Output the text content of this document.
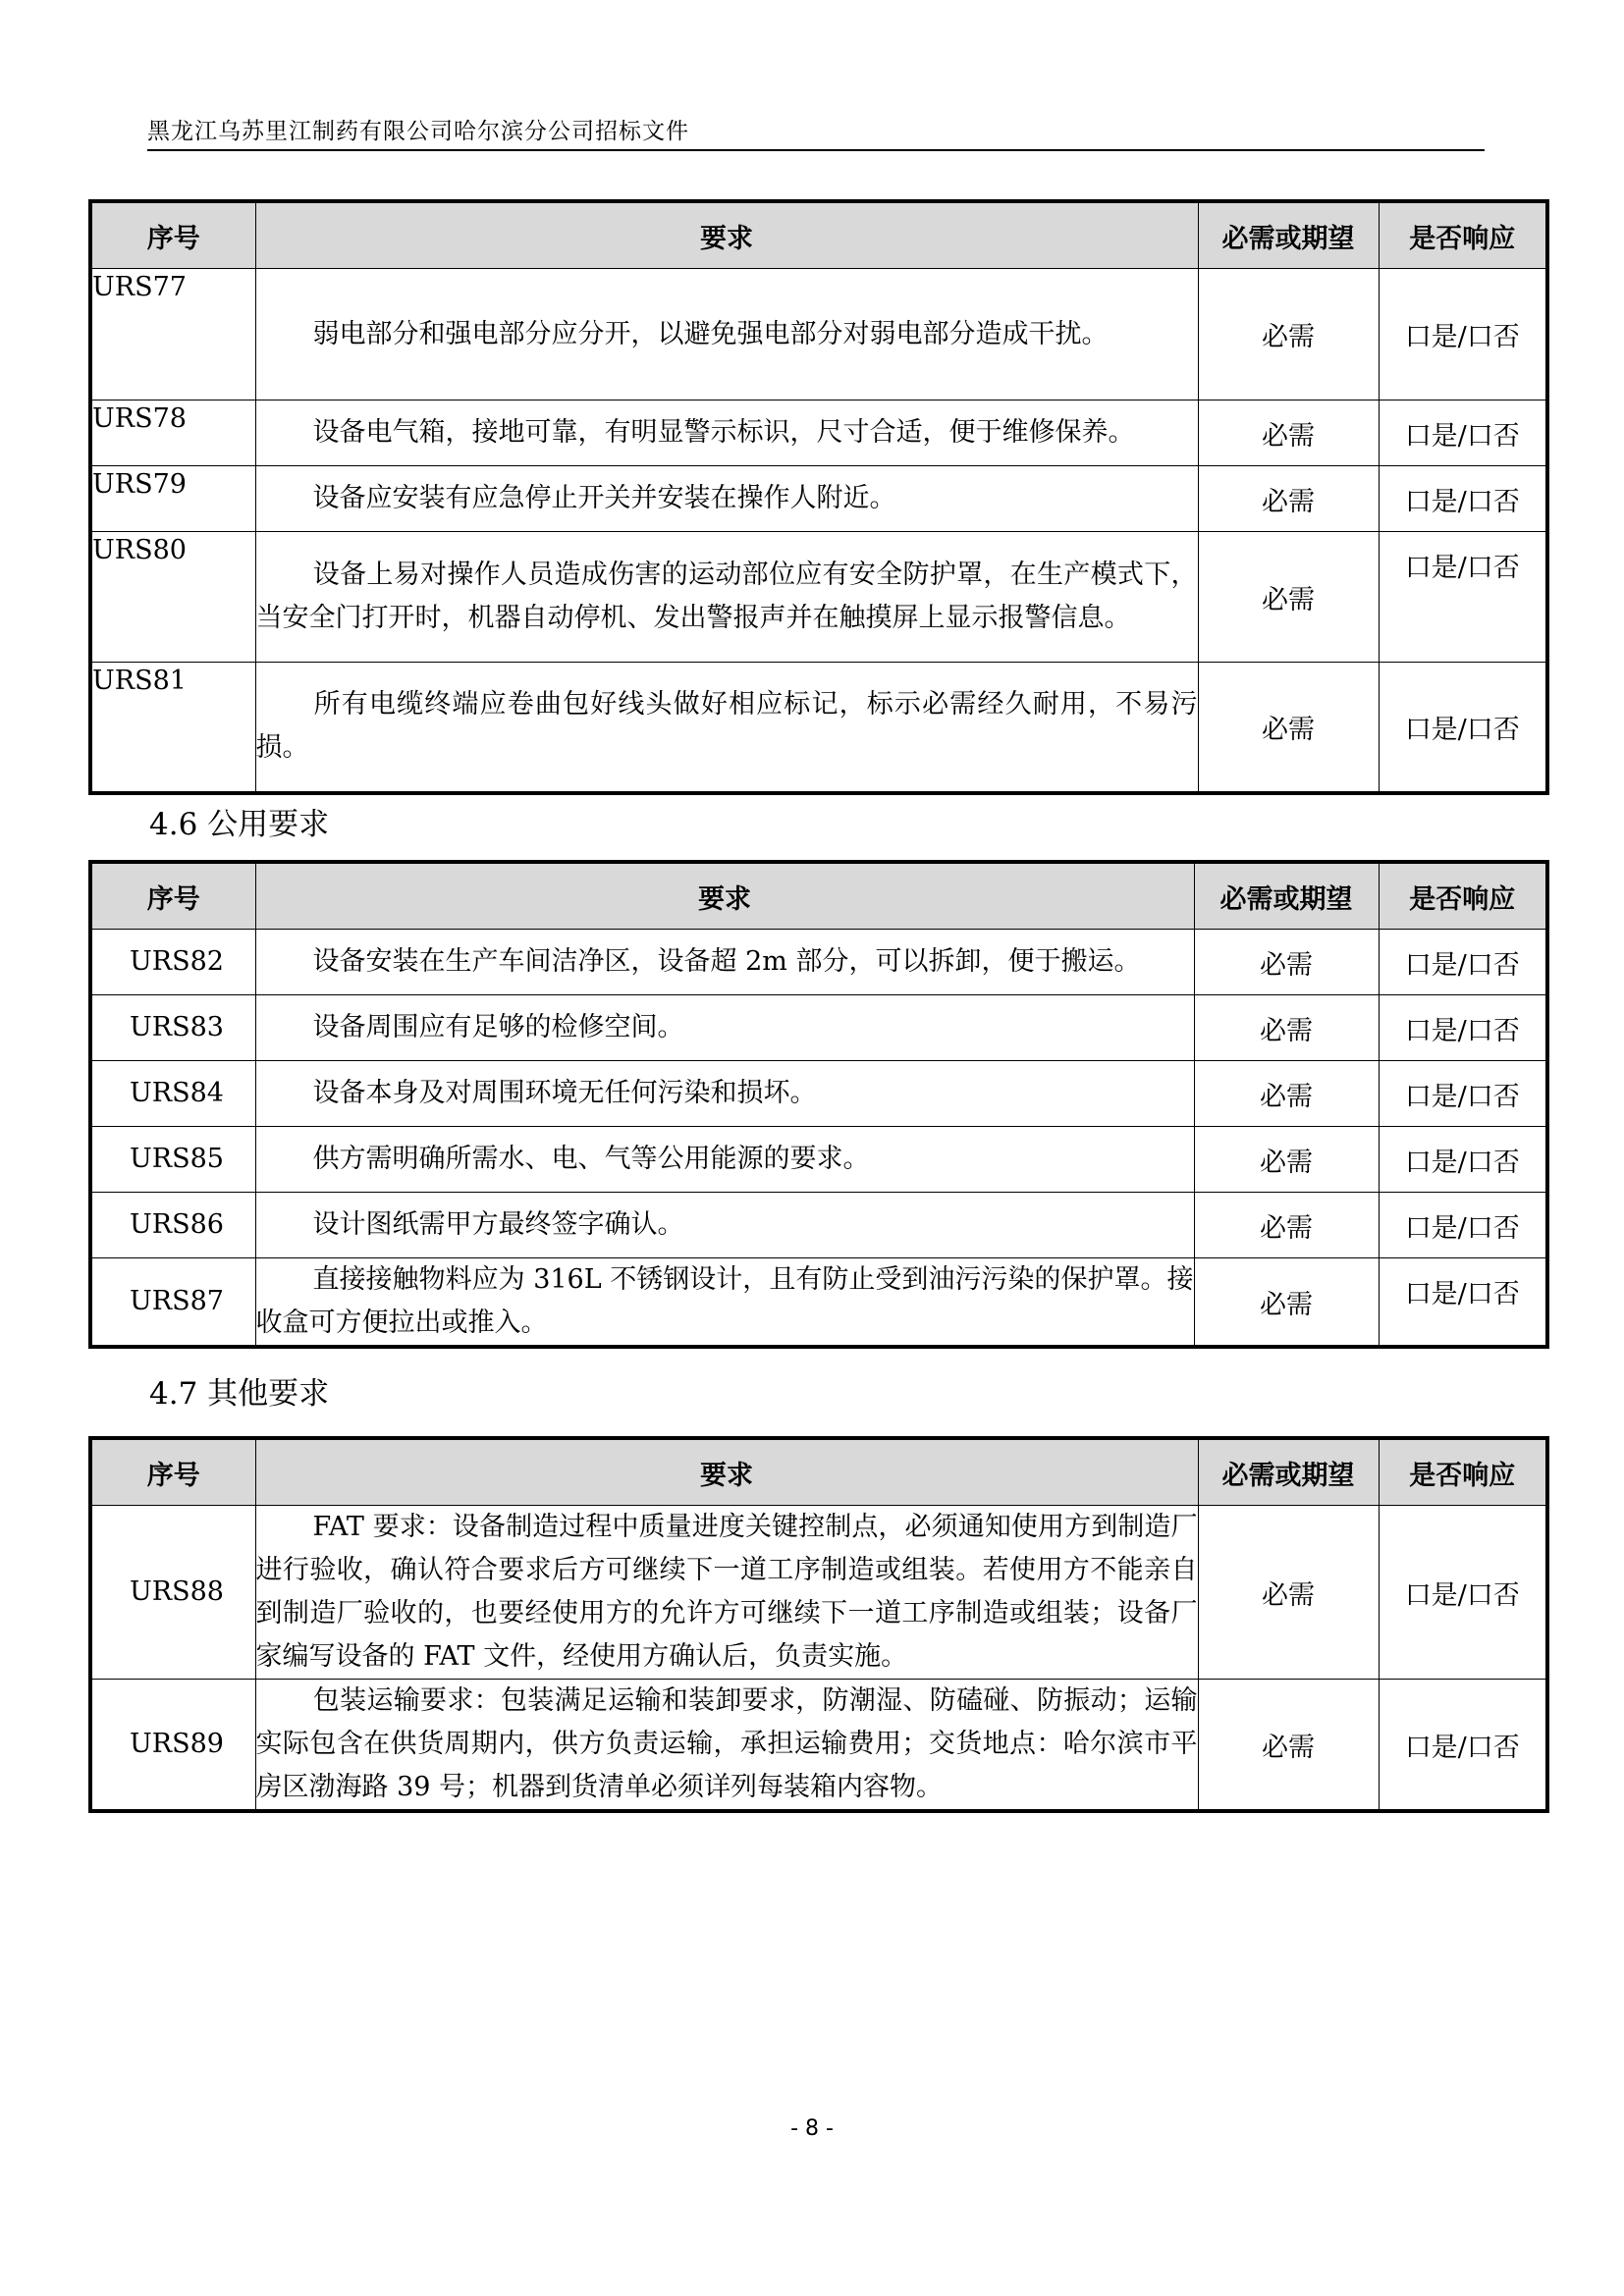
黑龙江乌苏里江制药有限公司哈尔滨分公司招标文件
序号	要求	必需或期望	是否响应
URS77	弱电部分和强电部分应分开，以避免强电部分对弱电部分造成干扰。	必需	口是/口否
URS78	设备电气箱，接地可靠，有明显警示标识，尺寸合适，便于维修保养。	必需	口是/口否
URS79	设备应安装有应急停止开关并安装在操作人附近。	必需	口是/口否
URS80	设备上易对操作人员造成伤害的运动部位应有安全防护罩，在生产模式下，当安全门打开时，机器自动停机、发出警报声并在触摸屏上显示报警信息。	必需	口是/口否
URS81	所有电缆终端应卷曲包好线头做好相应标记，标示必需经久耐用，不易污损。	必需	口是/口否
4.6 公用要求
序号	要求	必需或期望	是否响应
URS82	设备安装在生产车间洁净区，设备超 2m 部分，可以拆卸，便于搬运。	必需	口是/口否
URS83	设备周围应有足够的检修空间。	必需	口是/口否
URS84	设备本身及对周围环境无任何污染和损坏。	必需	口是/口否
URS85	供方需明确所需水、电、气等公用能源的要求。	必需	口是/口否
URS86	设计图纸需甲方最终签字确认。	必需	口是/口否
URS87	直接接触物料应为 316L 不锈钢设计，且有防止受到油污污染的保护罩。接收盒可方便拉出或推入。	必需	口是/口否
4.7 其他要求
序号	要求	必需或期望	是否响应
URS88	FAT 要求：设备制造过程中质量进度关键控制点，必须通知使用方到制造厂进行验收，确认符合要求后方可继续下一道工序制造或组装。若使用方不能亲自到制造厂验收的，也要经使用方的允许方可继续下一道工序制造或组装；设备厂家编写设备的 FAT 文件，经使用方确认后，负责实施。	必需	口是/口否
URS89	包装运输要求：包装满足运输和装卸要求，防潮湿、防磕碰、防振动；运输实际包含在供货周期内，供方负责运输，承担运输费用；交货地点：哈尔滨市平房区渤海路 39 号；机器到货清单必须详列每装箱内容物。	必需	口是/口否
- 8 -
